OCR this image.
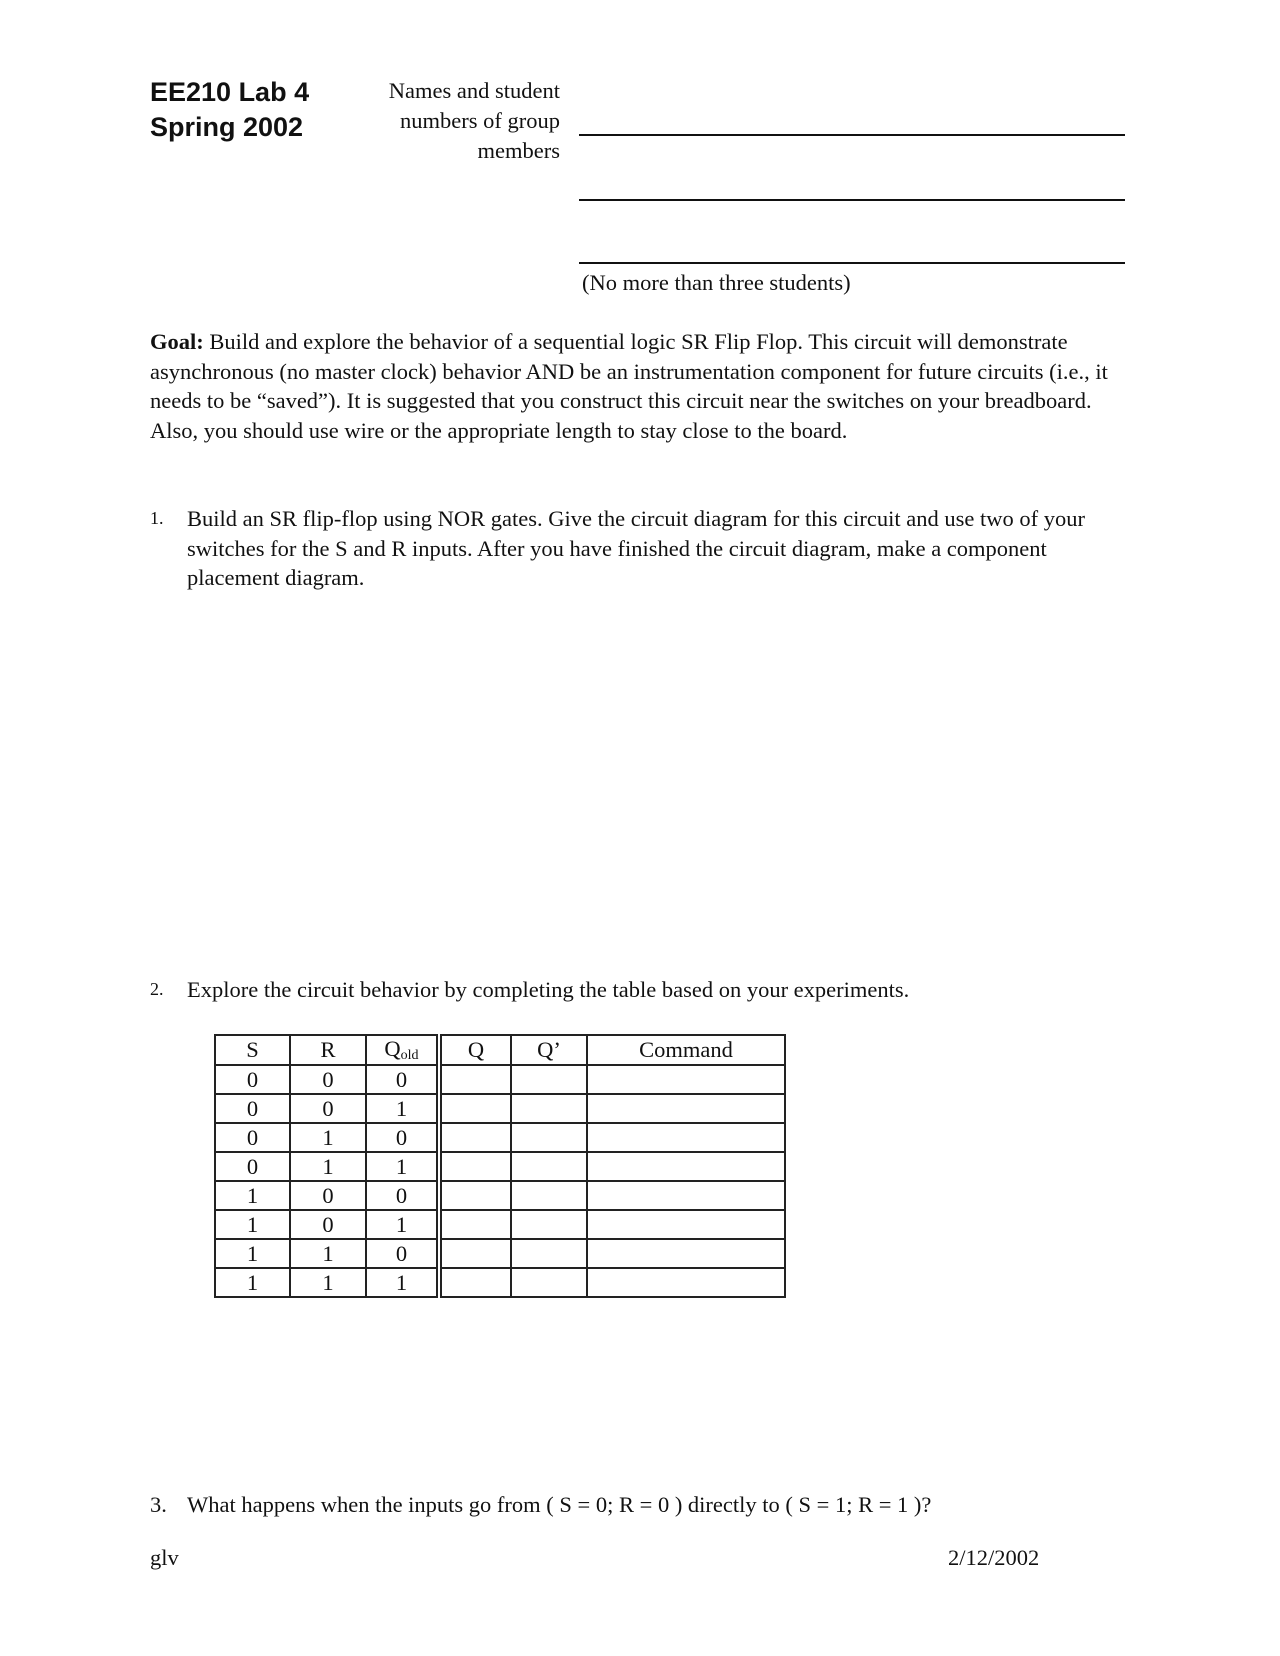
EE210 Lab 4
Spring 2002
Names and student
numbers of group
members
(No more than three students)
Goal: Build and explore the behavior of a sequential logic SR Flip Flop. This circuit will demonstrate asynchronous (no master clock) behavior AND be an instrumentation component for future circuits (i.e., it needs to be “saved”). It is suggested that you construct this circuit near the switches on your breadboard. Also, you should use wire or the appropriate length to stay close to the board.
1. Build an SR flip-flop using NOR gates. Give the circuit diagram for this circuit and use two of your switches for the S and R inputs. After you have finished the circuit diagram, make a component placement diagram.
2. Explore the circuit behavior by completing the table based on your experiments.
S	R	$Q_{old}$	Q	Q’	Command
0	0	0			
0	0	1			
0	1	0			
0	1	1			
1	0	0			
1	0	1			
1	1	0			
1	1	1			
3. What happens when the inputs go from ( S = 0; R = 0 ) directly to ( S = 1; R = 1 )?
glv	2/12/2002
